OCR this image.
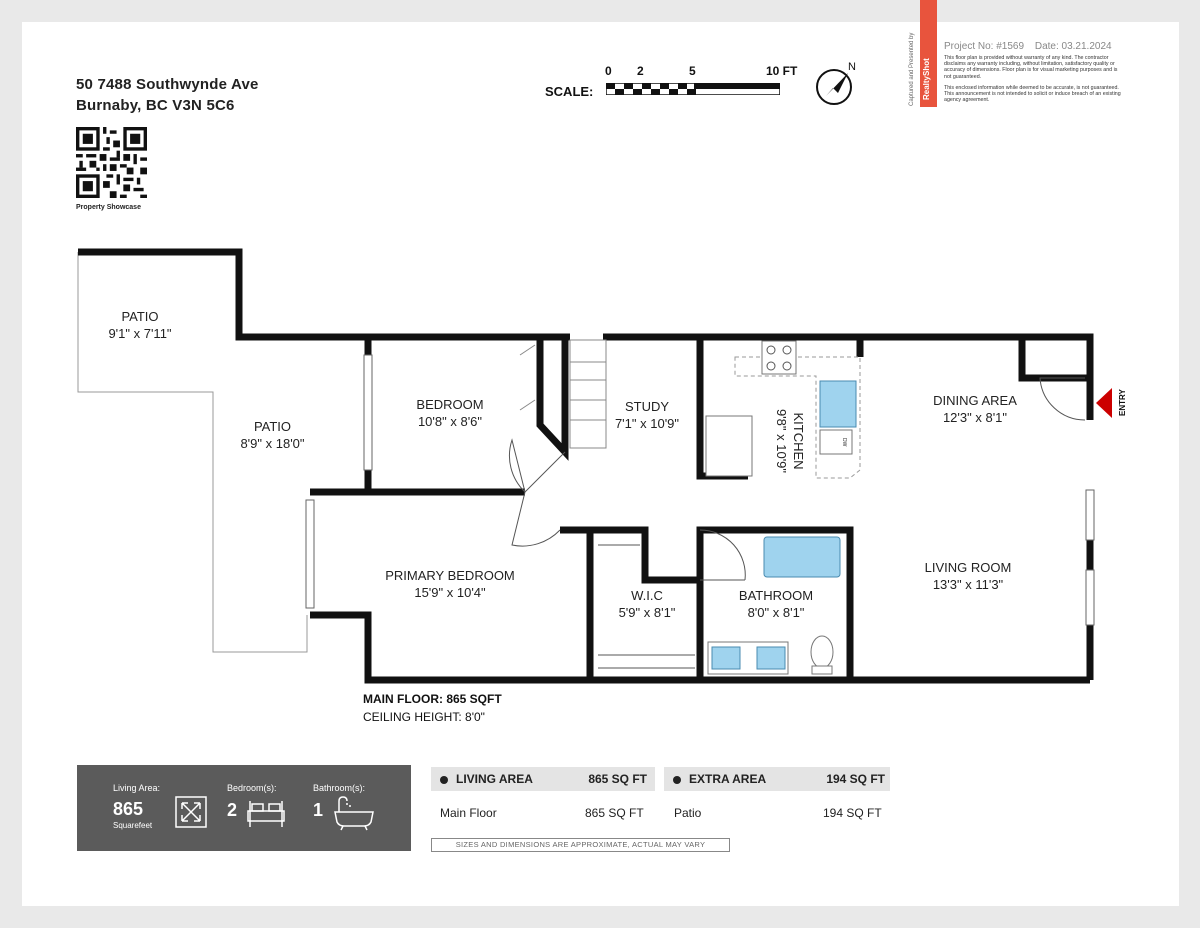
50 7488 Southwynde Ave
Burnaby, BC V3N 5C6
Property Showcase
SCALE:
0 2	5	10 FT	N	Captured and Presented by RealtyShot
Project No: #1569 Date: 03.21.2024
This floor plan is provided without warranty of any kind. The contractor disclaims any warranty including, without limitation, satisfactory quality or accuracy of dimensions. Floor plan is for visual marketing purposes and is not guaranteed.
This enclosed information while deemed to be accurate, is not guaranteed. This announcement is not intended to solicit or induce breach of an existing agency agreement.
ENTRY
DW
PATIO
9'1" x 7'11"
PATIO
8'9" x 18'0"
BEDROOM
10'8" x 8'6"
STUDY
7'1" x 10'9"	KITCHEN
9'8" x 10'9"
DINING AREA
12'3" x 8'1"
PRIMARY BEDROOM
15'9" x 10'4"	W.I.C
5'9" x 8'1"
BATHROOM
8'0" x 8'1"
LIVING ROOM
13'3" x 11'3"
MAIN FLOOR: 865 SQFT
CEILING HEIGHT: 8'0"
Living Area:
865
Squarefeet
Bedroom(s):
2
Bathroom(s):
1
LIVING AREA	865 SQ FT	EXTRA AREA	194 SQ FT
Main Floor	865 SQ FT	Patio	194 SQ FT
SIZES AND DIMENSIONS ARE APPROXIMATE, ACTUAL MAY VARY
